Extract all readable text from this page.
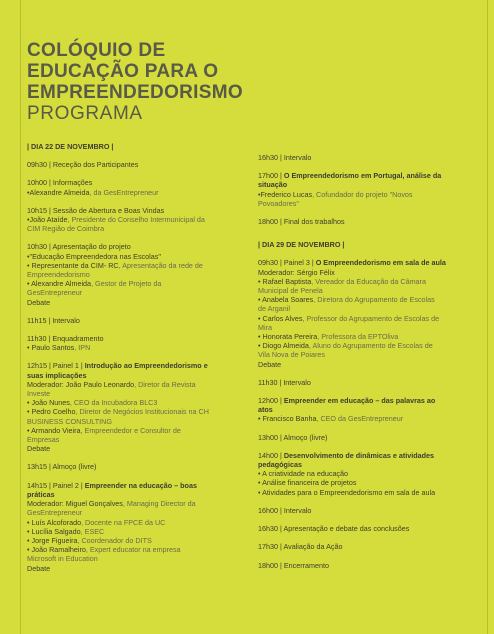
COLÓQUIO DE
EDUCAÇÃO PARA O
EMPREENDEDORISMO
PROGRAMA
| DIA 22 DE NOVEMBRO |
09h30 | Receção dos Participantes
10h00 | Informações
•Alexandre Almeida, da GesEntrepreneur
10h15 | Sessão de Abertura e Boas Vindas
•João Ataíde, Presidente do Conselho Intermunicipal da
CIM Região de Coimbra
10h30 | Apresentação do projeto
•"Educação Empreendedora nas Escolas"
• Representante da CIM- RC, Apresentação da rede de
Empreendedorismo
• Alexandre Almeida, Gestor de Projeto da
GesEntrepreneur
Debate
11h15 | Intervalo
11h30 | Enquadramento
• Paulo Santos, IPN
12h15 | Painel 1 | Introdução ao Empreendedorismo e
suas implicações
Moderador: João Paulo Leonardo, Diretor da Revista
Investe
• João Nunes, CEO da Incubadora BLC3
• Pedro Coelho, Diretor de Negócios Institucionais na CH
BUSINESS CONSULTING
• Armando Vieira, Empreendedor e Consultor de
Empresas
Debate
13h15 | Almoço (livre)
14h15 | Painel 2 | Empreender na educação – boas
práticas
Moderador: Miguel Gonçalves, Managing Director da
GesEntrepreneur
• Luís Alcoforado, Docente na FPCE da UC
• Lucília Salgado, ESEC
• Jorge Figueira, Coordenador do DITS
• João Ramalheiro, Expert educator na empresa
Microsoft in Education
Debate
16h30 | Intervalo
17h00 | O Empreendedorismo em Portugal, análise da
situação
•Frederico Lucas, Cofundador do projeto "Novos
Povoadores"
18h00 | Final dos trabalhos
| DIA 29 DE NOVEMBRO |
09h30 | Painel 3 | O Empreendedorismo em sala de aula
Moderador: Sérgio Félix
• Rafael Baptista, Vereador da Educação da Câmara
Municipal de Penela
• Anabela Soares, Diretora do Agrupamento de Escolas
de Arganil
• Carlos Alves, Professor do Agrupamento de Escolas de
Mira
• Honorata Pereira, Professora da EPTOliva
• Diogo Almeida, Aluno do Agrupamento de Escolas de
Vila Nova de Poiares
Debate
11h30 | Intervalo
12h00 | Empreender em educação – das palavras ao
atos
• Francisco Banha, CEO da GesEntrepreneur
13h00 | Almoço (livre)
14h00 | Desenvolvimento de dinâmicas e atividades
pedagógicas
• A criatividade na educação
• Análise financeira de projetos
• Atividades para o Empreendedorismo em sala de aula
16h00 | Intervalo
16h30 | Apresentação e debate das conclusões
17h30 | Avaliação da Ação
18h00 | Encerramento
